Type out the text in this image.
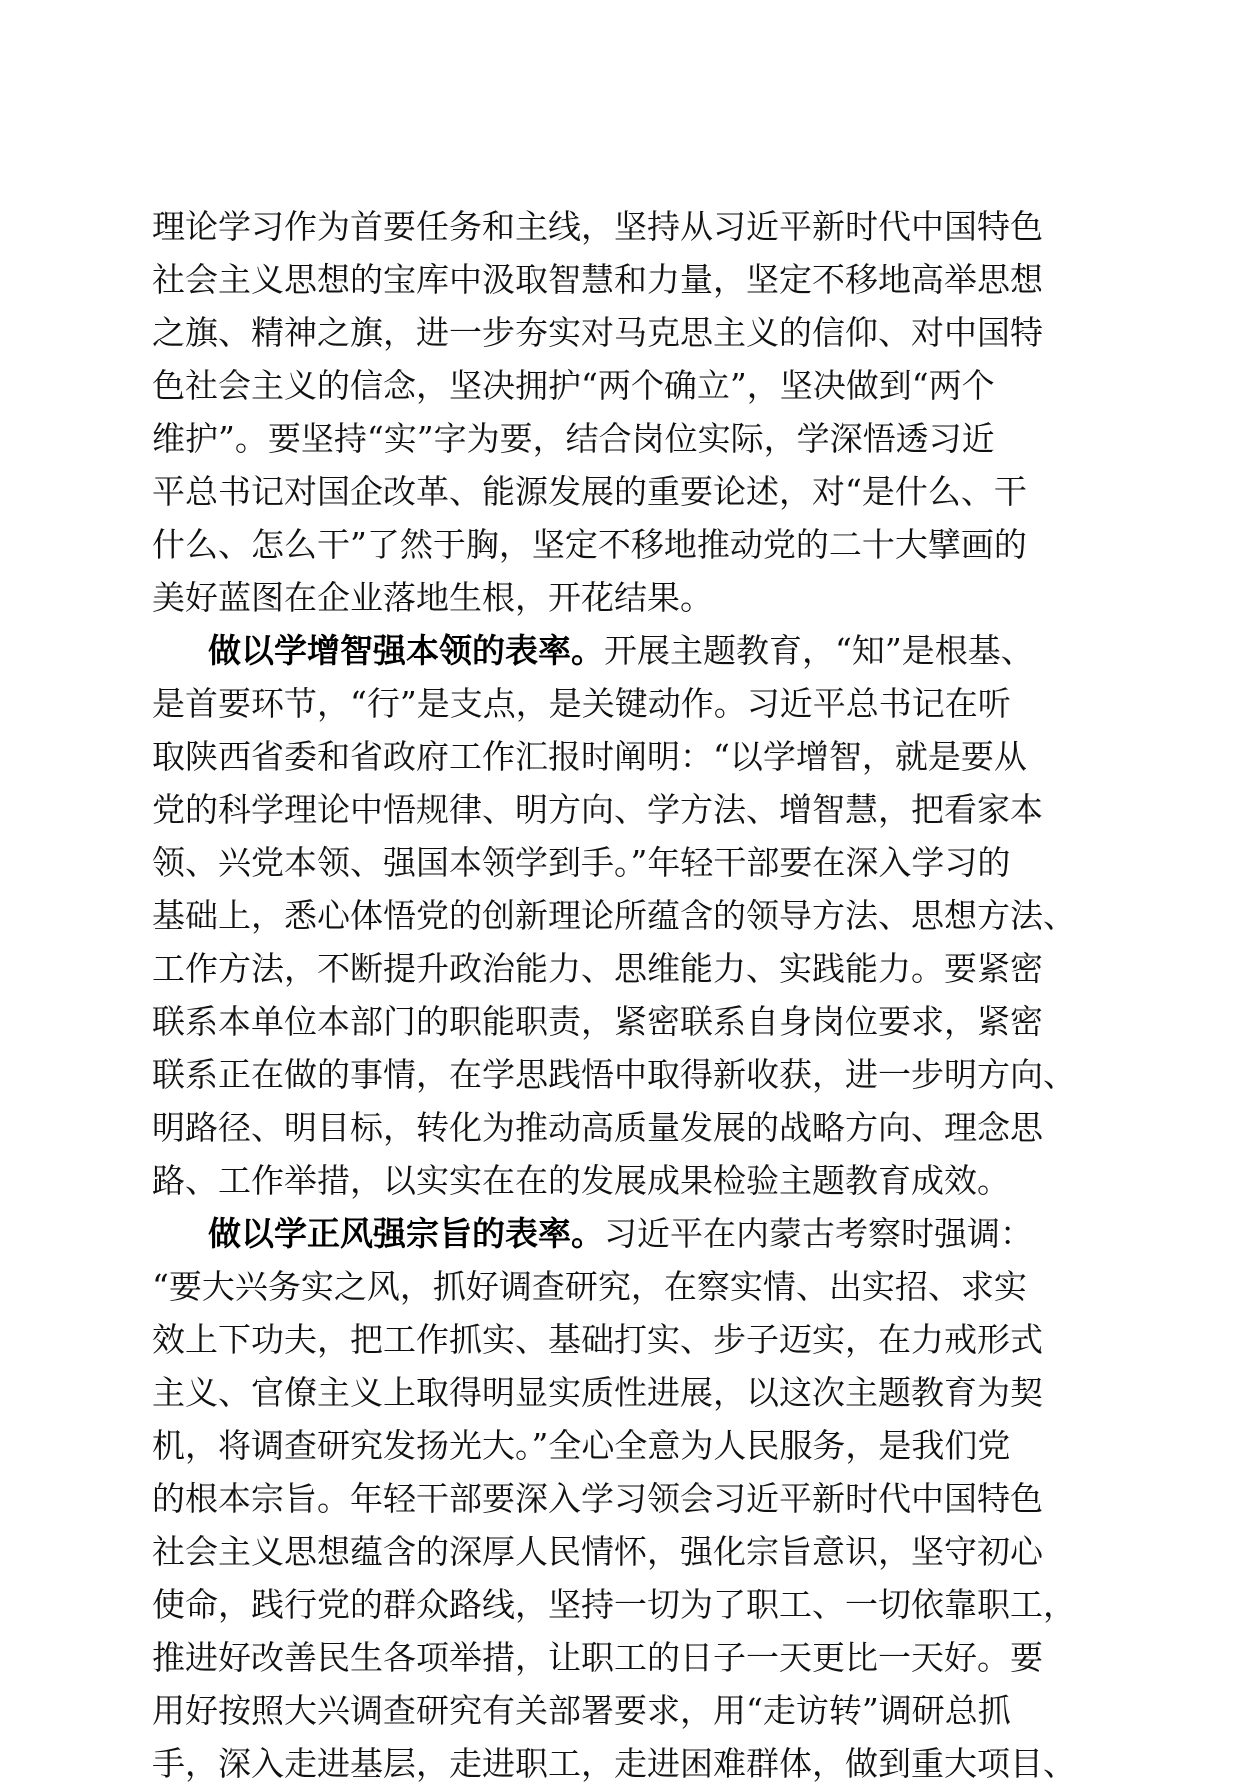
理论学习作为首要任务和主线，坚持从习近平新时代中国特色
社会主义思想的宝库中汲取智慧和力量，坚定不移地高举思想
之旗、精神之旗，进一步夯实对马克思主义的信仰、对中国特
色社会主义的信念，坚决拥护“两个确立”，坚决做到“两个
维护”。要坚持“实”字为要，结合岗位实际，学深悟透习近
平总书记对国企改革、能源发展的重要论述，对“是什么、干
什么、怎么干”了然于胸，坚定不移地推动党的二十大擘画的
美好蓝图在企业落地生根，开花结果。
做以学增智强本领的表率。开展主题教育，“知”是根基、
是首要环节，“行”是支点，是关键动作。习近平总书记在听
取陕西省委和省政府工作汇报时阐明：“以学增智，就是要从
党的科学理论中悟规律、明方向、学方法、增智慧，把看家本
领、兴党本领、强国本领学到手。”年轻干部要在深入学习的
基础上，悉心体悟党的创新理论所蕴含的领导方法、思想方法、
工作方法，不断提升政治能力、思维能力、实践能力。要紧密
联系本单位本部门的职能职责，紧密联系自身岗位要求，紧密
联系正在做的事情，在学思践悟中取得新收获，进一步明方向、
明路径、明目标，转化为推动高质量发展的战略方向、理念思
路、工作举措，以实实在在的发展成果检验主题教育成效。
做以学正风强宗旨的表率。习近平在内蒙古考察时强调：
“要大兴务实之风，抓好调查研究，在察实情、出实招、求实
效上下功夫，把工作抓实、基础打实、步子迈实，在力戒形式
主义、官僚主义上取得明显实质性进展，以这次主题教育为契
机，将调查研究发扬光大。”全心全意为人民服务，是我们党
的根本宗旨。年轻干部要深入学习领会习近平新时代中国特色
社会主义思想蕴含的深厚人民情怀，强化宗旨意识，坚守初心
使命，践行党的群众路线，坚持一切为了职工、一切依靠职工，
推进好改善民生各项举措，让职工的日子一天更比一天好。要
用好按照大兴调查研究有关部署要求，用“走访转”调研总抓
手，深入走进基层，走进职工，走进困难群体，做到重大项目、
